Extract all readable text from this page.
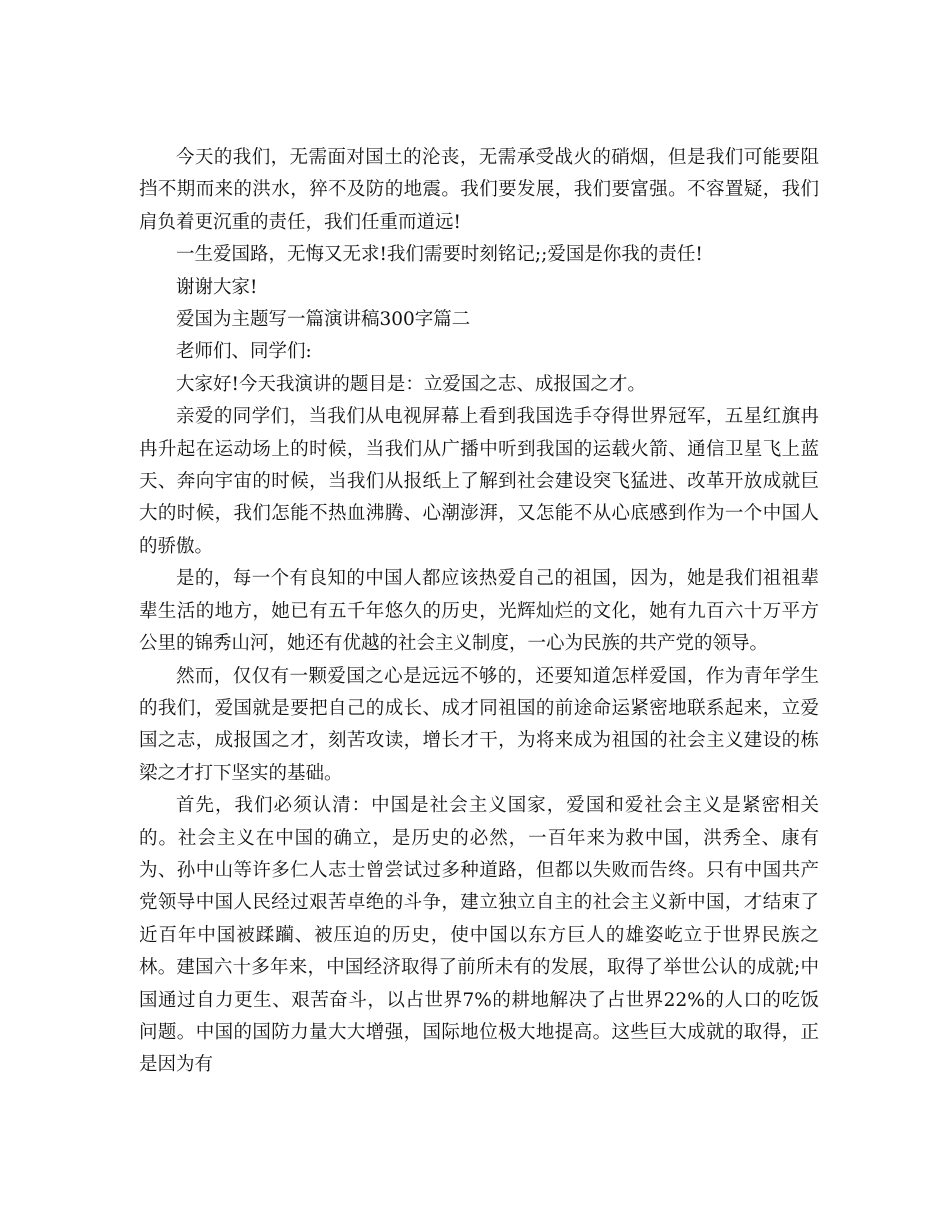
今天的我们，无需面对国土的沦丧，无需承受战火的硝烟，但是我们可能要阻挡不期而来的洪水，猝不及防的地震。我们要发展，我们要富强。不容置疑，我们肩负着更沉重的责任，我们任重而道远!

一生爱国路，无悔又无求!我们需要时刻铭记;;爱国是你我的责任!

谢谢大家!

爱国为主题写一篇演讲稿300字篇二

老师们、同学们:

大家好!今天我演讲的题目是：立爱国之志、成报国之才。

亲爱的同学们，当我们从电视屏幕上看到我国选手夺得世界冠军，五星红旗冉冉升起在运动场上的时候，当我们从广播中听到我国的运载火箭、通信卫星飞上蓝天、奔向宇宙的时候，当我们从报纸上了解到社会建设突飞猛进、改革开放成就巨大的时候，我们怎能不热血沸腾、心潮澎湃，又怎能不从心底感到作为一个中国人的骄傲。

是的，每一个有良知的中国人都应该热爱自己的祖国，因为，她是我们祖祖辈辈生活的地方，她已有五千年悠久的历史，光辉灿烂的文化，她有九百六十万平方公里的锦秀山河，她还有优越的社会主义制度，一心为民族的共产党的领导。

然而，仅仅有一颗爱国之心是远远不够的，还要知道怎样爱国，作为青年学生的我们，爱国就是要把自己的成长、成才同祖国的前途命运紧密地联系起来，立爱国之志，成报国之才，刻苦攻读，增长才干，为将来成为祖国的社会主义建设的栋梁之才打下坚实的基础。

首先，我们必须认清：中国是社会主义国家，爱国和爱社会主义是紧密相关的。社会主义在中国的确立，是历史的必然，一百年来为救中国，洪秀全、康有为、孙中山等许多仁人志士曾尝试过多种道路，但都以失败而告终。只有中国共产党领导中国人民经过艰苦卓绝的斗争，建立独立自主的社会主义新中国，才结束了近百年中国被蹂躏、被压迫的历史，使中国以东方巨人的雄姿屹立于世界民族之林。建国六十多年来，中国经济取得了前所未有的发展，取得了举世公认的成就;中国通过自力更生、艰苦奋斗，以占世界7%的耕地解决了占世界22%的人口的吃饭问题。中国的国防力量大大增强，国际地位极大地提高。这些巨大成就的取得，正是因为有
